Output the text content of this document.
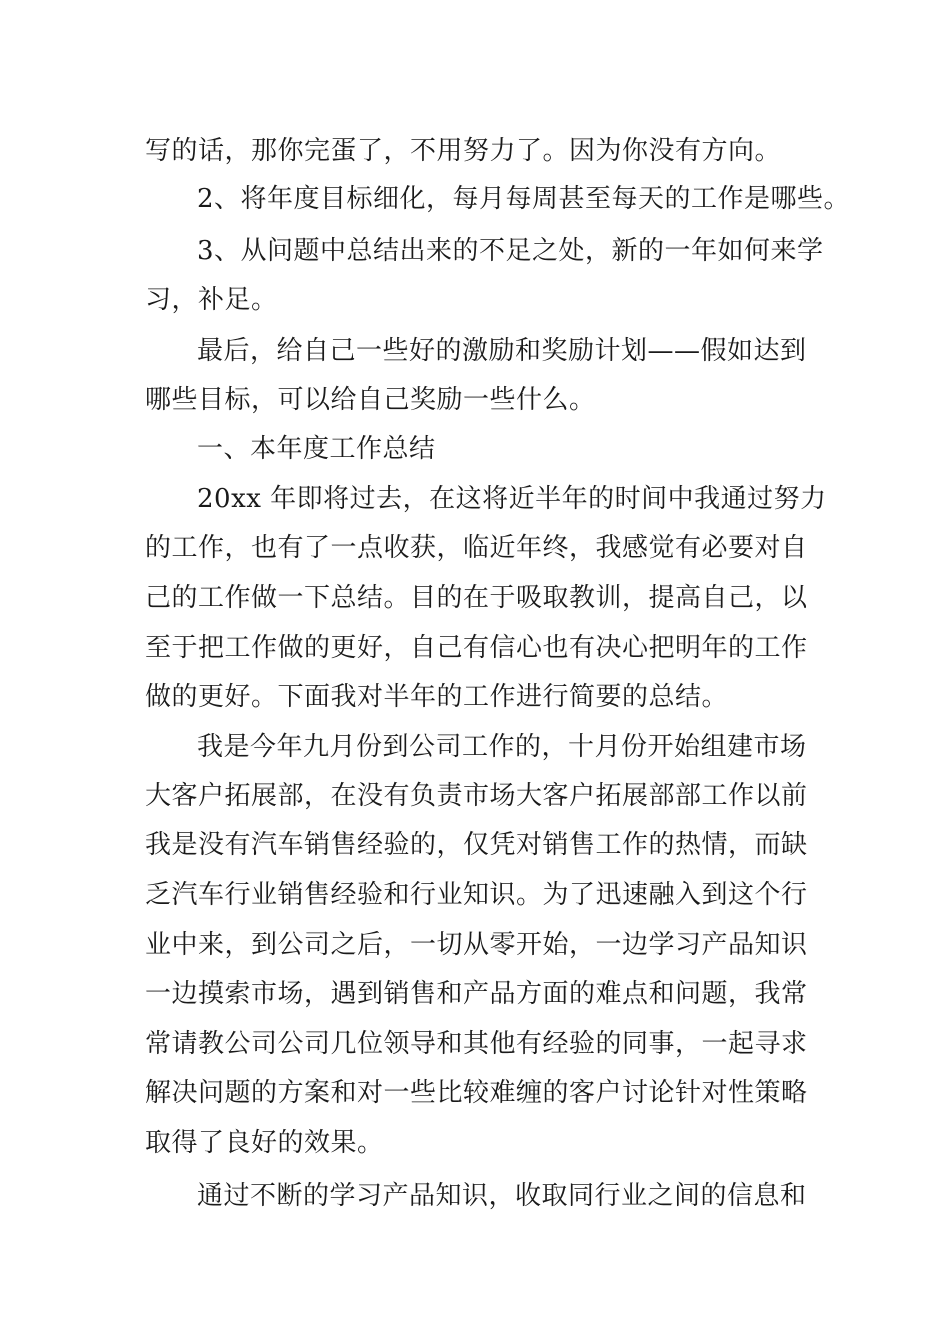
写的话，那你完蛋了，不用努力了。因为你没有方向。
2、将年度目标细化，每月每周甚至每天的工作是哪些。
3、从问题中总结出来的不足之处，新的一年如何来学
习，补足。
最后，给自己一些好的激励和奖励计划——假如达到
哪些目标，可以给自己奖励一些什么。
一、本年度工作总结
20xx 年即将过去，在这将近半年的时间中我通过努力
的工作，也有了一点收获，临近年终，我感觉有必要对自
己的工作做一下总结。目的在于吸取教训，提高自己，以
至于把工作做的更好，自己有信心也有决心把明年的工作
做的更好。下面我对半年的工作进行简要的总结。
我是今年九月份到公司工作的，十月份开始组建市场
大客户拓展部，在没有负责市场大客户拓展部部工作以前
我是没有汽车销售经验的，仅凭对销售工作的热情，而缺
乏汽车行业销售经验和行业知识。为了迅速融入到这个行
业中来，到公司之后，一切从零开始，一边学习产品知识
一边摸索市场，遇到销售和产品方面的难点和问题，我常
常请教公司公司几位领导和其他有经验的同事，一起寻求
解决问题的方案和对一些比较难缠的客户讨论针对性策略
取得了良好的效果。
通过不断的学习产品知识，收取同行业之间的信息和
